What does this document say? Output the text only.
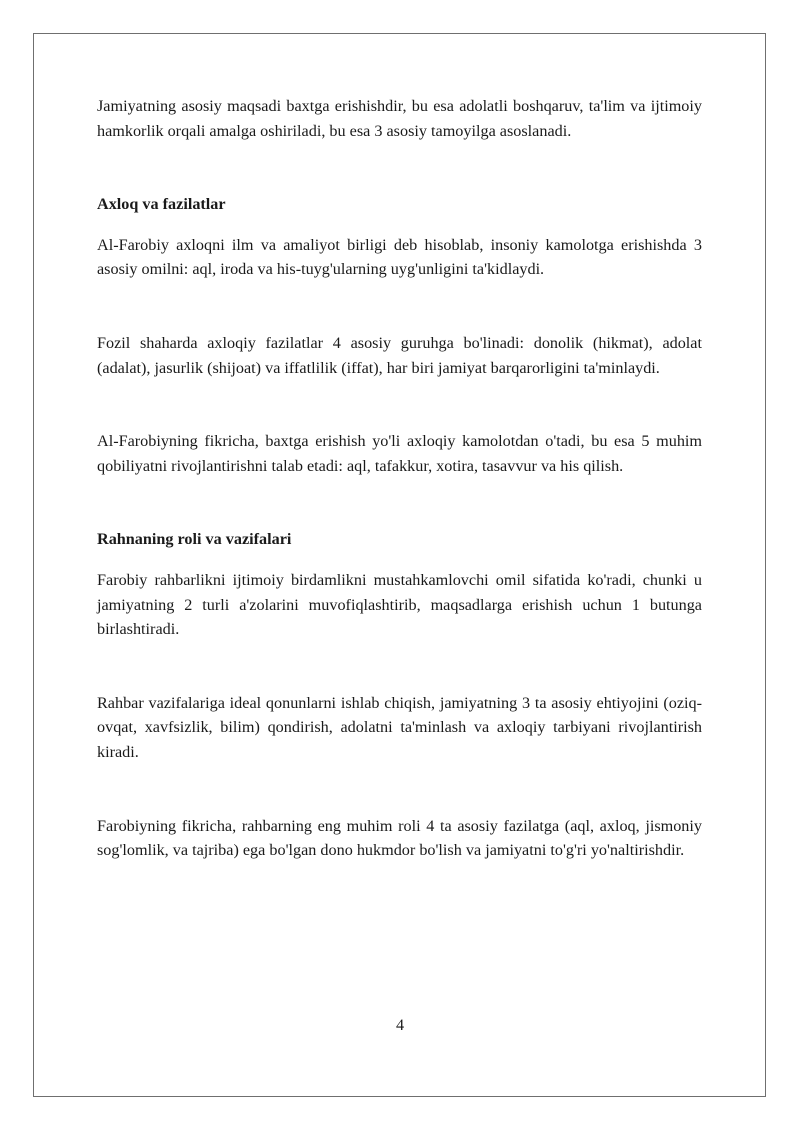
Jamiyatning asosiy maqsadi baxtga erishishdir, bu esa adolatli boshqaruv, ta'lim va ijtimoiy hamkorlik orqali amalga oshiriladi, bu esa 3 asosiy tamoyilga asoslanadi.

Axloq va fazilatlar

Al-Farobiy axloqni ilm va amaliyot birligi deb hisoblab, insoniy kamolotga erishishda 3 asosiy omilni: aql, iroda va his-tuyg'ularning uyg'unligini ta'kidlaydi.

Fozil shaharda axloqiy fazilatlar 4 asosiy guruhga bo'linadi: donolik (hikmat), adolat (adalat), jasurlik (shijoat) va iffatlilik (iffat), har biri jamiyat barqarorligini ta'minlaydi.

Al-Farobiyning fikricha, baxtga erishish yo'li axloqiy kamolotdan o'tadi, bu esa 5 muhim qobiliyatni rivojlantirishni talab etadi: aql, tafakkur, xotira, tasavvur va his qilish.

Rahnaning roli va vazifalari

Farobiy rahbarlikni ijtimoiy birdamlikni mustahkamlovchi omil sifatida ko'radi, chunki u jamiyatning 2 turli a'zolarini muvofiqlashtirib, maqsadlarga erishish uchun 1 butunga birlashtiradi.

Rahbar vazifalariga ideal qonunlarni ishlab chiqish, jamiyatning 3 ta asosiy ehtiyojini (oziq-ovqat, xavfsizlik, bilim) qondirish, adolatni ta'minlash va axloqiy tarbiyani rivojlantirish kiradi.

Farobiyning fikricha, rahbarning eng muhim roli 4 ta asosiy fazilatga (aql, axloq, jismoniy sog'lomlik, va tajriba) ega bo'lgan dono hukmdor bo'lish va jamiyatni to'g'ri yo'naltirishdir.

4
